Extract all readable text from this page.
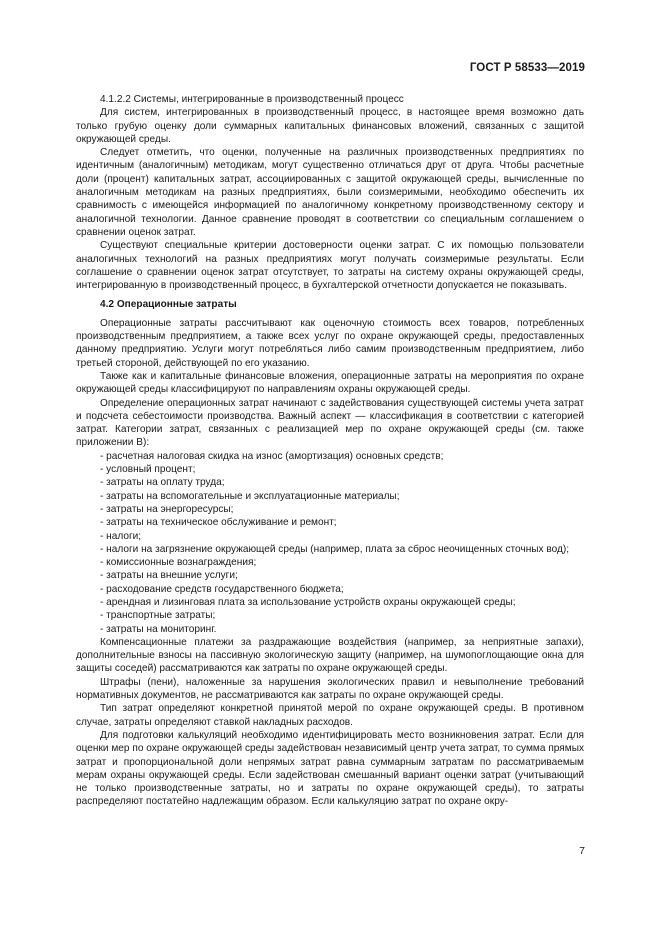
ГОСТ Р 58533—2019

4.1.2.2 Системы, интегрированные в производственный процесс

Для систем, интегрированных в производственный процесс, в настоящее время возможно дать только грубую оценку доли суммарных капитальных финансовых вложений, связанных с защитой окружающей среды.

Следует отметить, что оценки, полученные на различных производственных предприятиях по идентичным (аналогичным) методикам, могут существенно отличаться друг от друга. Чтобы расчетные доли (процент) капитальных затрат, ассоциированных с защитой окружающей среды, вычисленные по аналогичным методикам на разных предприятиях, были соизмеримыми, необходимо обеспечить их сравнимость с имеющейся информацией по аналогичному конкретному производственному сектору и аналогичной технологии. Данное сравнение проводят в соответствии со специальным соглашением о сравнении оценок затрат.

Существуют специальные критерии достоверности оценки затрат. С их помощью пользователи аналогичных технологий на разных предприятиях могут получать соизмеримые результаты. Если соглашение о сравнении оценок затрат отсутствует, то затраты на систему охраны окружающей среды, интегрированную в производственный процесс, в бухгалтерской отчетности допускается не показывать.

4.2 Операционные затраты

Операционные затраты рассчитывают как оценочную стоимость всех товаров, потребленных производственным предприятием, а также всех услуг по охране окружающей среды, предоставленных данному предприятию. Услуги могут потребляться либо самим производственным предприятием, либо третьей стороной, действующей по его указанию.

Также как и капитальные финансовые вложения, операционные затраты на мероприятия по охране окружающей среды классифицируют по направлениям охраны окружающей среды.

Определение операционных затрат начинают с задействования существующей системы учета затрат и подсчета себестоимости производства. Важный аспект — классификация в соответствии с категорией затрат. Категории затрат, связанных с реализацией мер по охране окружающей среды (см. также приложении В):

- расчетная налоговая скидка на износ (амортизация) основных средств;

- условный процент;

- затраты на оплату труда;

- затраты на вспомогательные и эксплуатационные материалы;

- затраты на энергоресурсы;

- затраты на техническое обслуживание и ремонт;

- налоги;

- налоги на загрязнение окружающей среды (например, плата за сброс неочищенных сточных вод);

- комиссионные вознаграждения;

- затраты на внешние услуги;

- расходование средств государственного бюджета;

- арендная и лизинговая плата за использование устройств охраны окружающей среды;

- транспортные затраты;

- затраты на мониторинг.

Компенсационные платежи за раздражающие воздействия (например, за неприятные запахи), дополнительные взносы на пассивную экологическую защиту (например, на шумопоглощающие окна для защиты соседей) рассматриваются как затраты по охране окружающей среды.

Штрафы (пени), наложенные за нарушения экологических правил и невыполнение требований нормативных документов, не рассматриваются как затраты по охране окружающей среды.

Тип затрат определяют конкретной принятой мерой по охране окружающей среды. В противном случае, затраты определяют ставкой накладных расходов.

Для подготовки калькуляций необходимо идентифицировать место возникновения затрат. Если для оценки мер по охране окружающей среды задействован независимый центр учета затрат, то сумма прямых затрат и пропорциональной доли непрямых затрат равна суммарным затратам по рассматриваемым мерам охраны окружающей среды. Если задействован смешанный вариант оценки затрат (учитывающий не только производственные затраты, но и затраты по охране окружающей среды), то затраты распределяют постатейно надлежащим образом. Если калькуляцию затрат по охране окру-

7
